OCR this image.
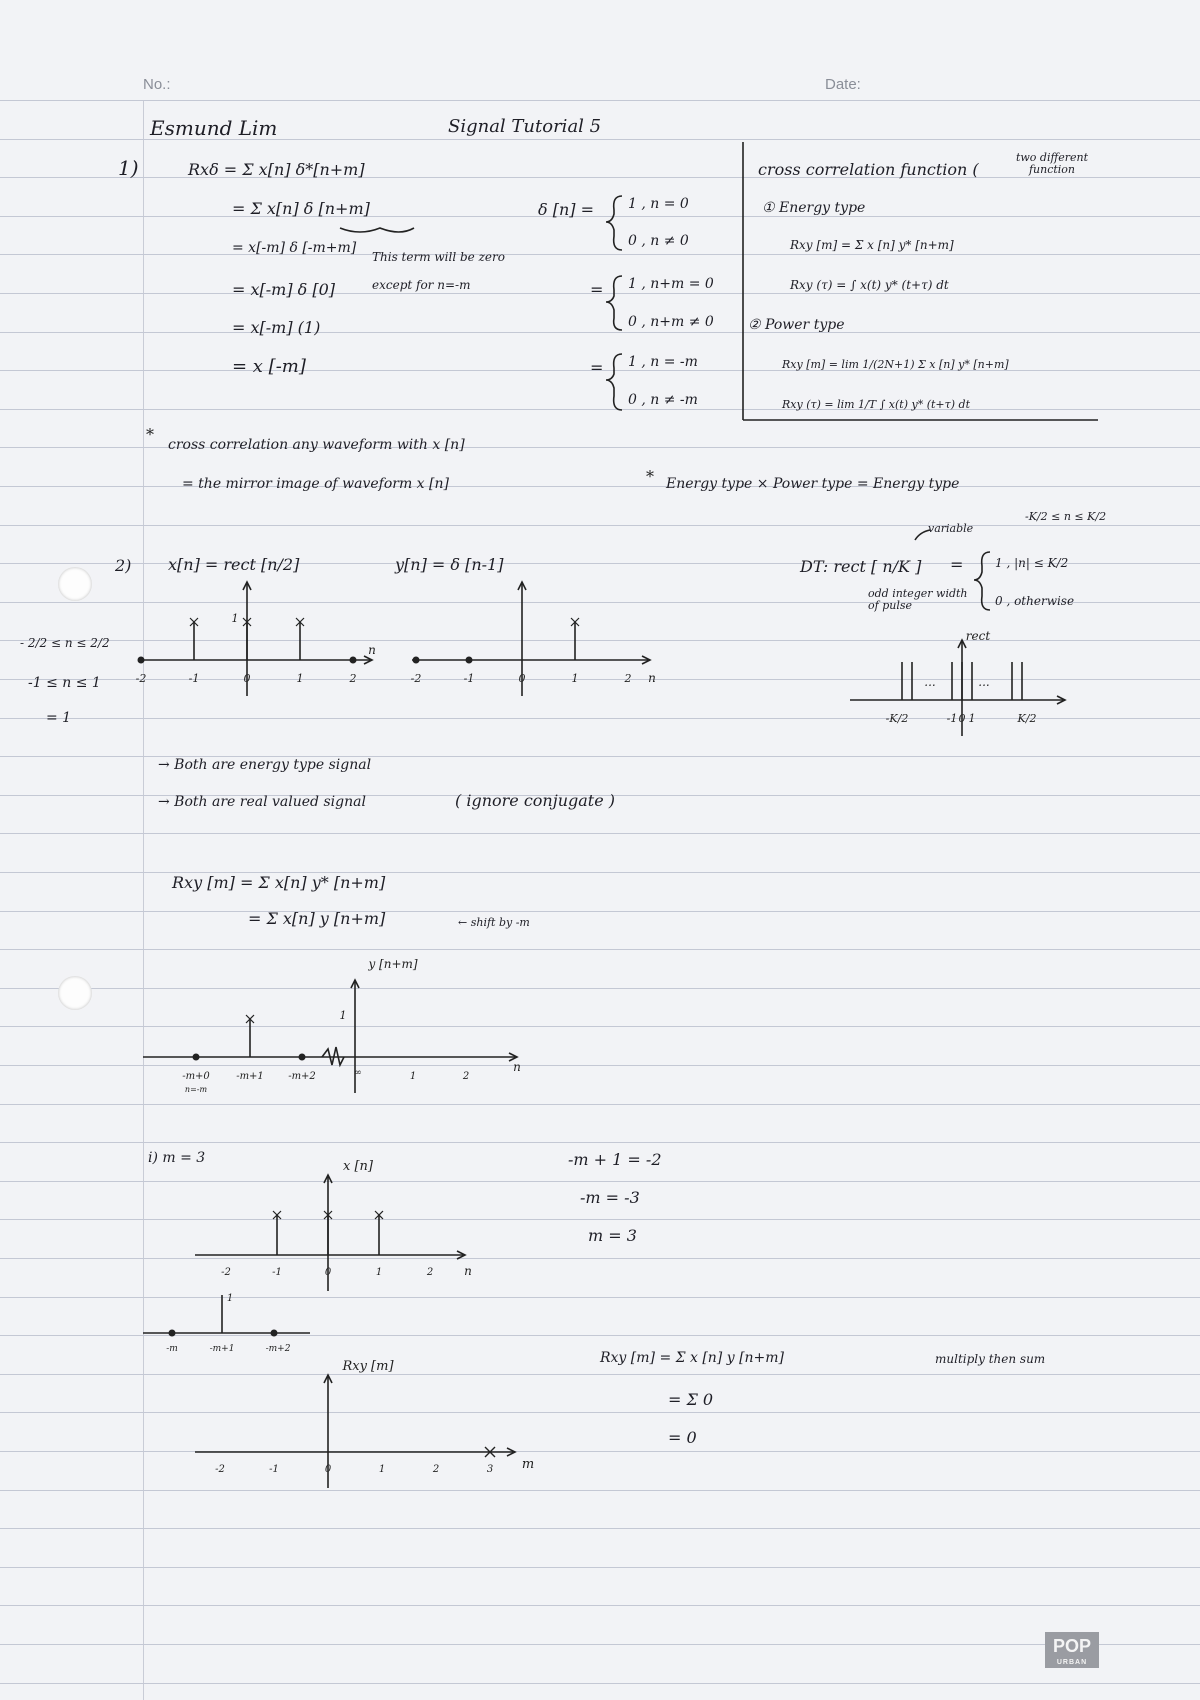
No.:	Date:
Esmund Lim	Signal Tutorial 5
1)	Rxδ = Σ x[n] δ*[n+m]
= Σ x[n] δ [n+m]
= x[-m] δ [-m+m]
This term will be zero except for n=-m
= x[-m] δ [0]
= x[-m] (1)
= x [-m]
δ [n] = 1 , n = 0
0 , n ≠ 0
= 1 , n+m = 0
0 , n+m ≠ 0
= 1 , n = -m
0 , n ≠ -m
cross correlation any waveform with x [n]
= the mirror image of waveform x [n]
cross correlation function (
two different function
① Energy type
Rxy [m] = Σ x [n] y* [n+m]
Rxy (τ) = ∫ x(t) y* (t+τ) dt
② Power type
Rxy [m] = lim 1/(2N+1) Σ x [n] y* [n+m]
Rxy (τ) = lim 1/T ∫ x(t) y* (t+τ) dt
Energy type × Power type = Energy type
2) x[n] = rect [n/2]	y[n] = δ [n-1]
- 2/2 ≤ n ≤ 2/2
-1 ≤ n ≤ 1
= 1
variable
-K/2 ≤ n ≤ K/2
DT: rect [ n/K ] =	1 , |n| ≤ K/2
0 , otherwise
odd integer width of pulse
→ Both are energy type signal
→ Both are real valued signal	( ignore conjugate )
Rxy [m] = Σ x[n] y* [n+m]
= Σ x[n] y [n+m]	← shift by -m
i) m = 3	-m + 1 = -2
-m = -3
m = 3
Rxy [m] = Σ x [n] y [n+m]	multiply then sum
= Σ 0
= 0
*
*
-2	-1	0	1	2
n
1
-2	-1	0	1	2 n
rect
...	...
-K/2	-1 0 1	K/2
y [n+m]
1
-m+0	-m+1 -m+2	1	2
n
n=-m
∞
x [n]
-2	-1	0	1	2	n
1
-m	-m+1	-m+2
Rxy [m]
-2	-1	0	1	2	3 m
POP
URBAN
